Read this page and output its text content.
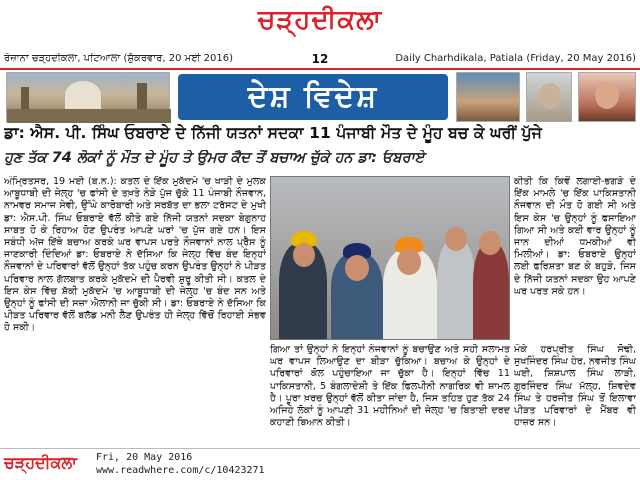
ਚੜ੍ਹਦੀਕਲਾ
ਰੋਜ਼ਾਨਾ ਚੜ੍ਹਦੀਕਲਾ, ਪਟਿਆਲਾ (ਸ਼ੁੱਕਰਵਾਰ, 20 ਮਈ 2016)	12	Daily Charhdikala, Patiala (Friday, 20 May 2016)
ਦੇਸ਼ ਵਿਦੇਸ਼
ਡਾ: ਐਸ. ਪੀ. ਸਿੰਘ ਓਬਰਾਏ ਦੇ ਨਿੱਜੀ ਯਤਨਾਂ ਸਦਕਾ 11 ਪੰਜਾਬੀ ਮੌਤ ਦੇ ਮੂੰਹ ਬਚ ਕੇ ਘਰੀਂ ਪੁੱਜੇ
ਹੁਣ ਤੱਕ 74 ਲੋਕਾਂ ਨੂੰ ਮੌਤ ਦੇ ਮੂੰਹ ਤੇ ਉਮਰ ਕੈਦ ਤੋਂ ਬਚਾਅ ਚੁੱਕੇ ਹਨ ਡਾ: ਓਬਰਾਏ
ਅੰਮ੍ਰਿਤਸਰ, 19 ਮਈ (ਬ.ਨ.): ਕਤਲ ਦੇ ਇੱਕ ਮੁਕੱਦਮੇ 'ਚ ਖਾੜੀ ਦੇ ਮੁਲਕ ਆਬੂਧਾਬੀ ਦੀ ਜੇਲ੍ਹ 'ਚ ਫਾਂਸੀ ਦੇ ਤਖ਼ਤੇ ਨੇੜੇ ਪੁੱਜ ਚੁੱਕੇ 11 ਪੰਜਾਬੀ ਨੌਜਵਾਨ, ਨਾਮਵਰ ਸਮਾਜ ਸੇਵੀ, ਉੱਘੇ ਕਾਰੋਬਾਰੀ ਅਤੇ ਸਰਬੱਤ ਦਾ ਭਲਾ ਟਰੱਸਟ ਦੇ ਮੁਖੀ ਡਾ: ਐਸ.ਪੀ. ਸਿੰਘ ਓਬਰਾਏ ਵੱਲੋਂ ਕੀਤੇ ਗਏ ਨਿੱਜੀ ਯਤਨਾਂ ਸਦਕਾ ਬੇਗੁਨਾਹ ਸਾਬਤ ਹੋ ਕੇ ਰਿਹਾਅ ਹੋਣ ਉਪਰੰਤ ਆਪਣੇ ਘਰਾਂ 'ਚ ਪੁੱਜ ਗਏ ਹਨ। ਇਸ ਸਬੰਧੀ ਅੱਜ ਇੱਥੇ ਬਚਾਅ ਕਰਕੇ ਘਰ ਵਾਪਸ ਪਰਤੇ ਨੌਜਵਾਨਾਂ ਨਾਲ ਪ੍ਰੈੱਸ ਨੂੰ ਜਾਣਕਾਰੀ ਦਿੰਦਿਆਂ ਡਾ: ਓਬਰਾਏ ਨੇ ਦੱਸਿਆ ਕਿ ਜੇਲ੍ਹ ਵਿੱਚ ਬੰਦ ਇਨ੍ਹਾਂ ਨੌਜਵਾਨਾਂ ਦੇ ਪਰਿਵਾਰਾਂ ਵੱਲੋਂ ਉਨ੍ਹਾਂ ਤੱਕ ਪਹੁੰਚ ਕਰਨ ਉਪਰੰਤ ਉਨ੍ਹਾਂ ਨੇ ਪੀੜਤ ਪਰਿਵਾਰ ਨਾਲ ਗੱਲਬਾਤ ਕਰਕੇ ਮੁਕੱਦਮੇ ਦੀ ਪੈਰਵੀ ਸ਼ੁਰੂ ਕੀਤੀ ਸੀ। ਕਤਲ ਦੇ ਇਸ ਕੇਸ ਵਿੱਚ ਸ਼ੱਕੀ ਮੁਕੱਦਮੇ 'ਚ ਆਬੂਧਾਬੀ ਦੀ ਜੇਲ੍ਹ 'ਚ ਬੰਦ ਸਨ ਅਤੇ ਉਨ੍ਹਾਂ ਨੂੰ ਫਾਂਸੀ ਦੀ ਸਜ਼ਾ ਐਲਾਨੀ ਜਾ ਚੁੱਕੀ ਸੀ। ਡਾ: ਓਬਰਾਏ ਨੇ ਦੱਸਿਆ ਕਿ ਪੀੜਤ ਪਰਿਵਾਰ ਵੱਲੋਂ ਬਲੱਡ ਮਨੀ ਲੈਣ ਉਪਰੰਤ ਹੀ ਜੇਲ੍ਹ ਵਿੱਚੋਂ ਰਿਹਾਈ ਸੰਭਵ ਹੋ ਸਕੀ।
ਕੀਤੀ ਕਿ ਕਿਵੇਂ ਲਗਾਈ-ਭਗੜੇ ਦੇ ਇੱਕ ਮਾਮਲੇ 'ਚ ਇੱਕ ਪਾਕਿਸਤਾਨੀ ਨੌਜਵਾਨ ਦੀ ਮੌਤ ਹੋ ਗਈ ਸੀ ਅਤੇ ਇਸ ਕੇਸ 'ਚ ਉਨ੍ਹਾਂ ਨੂੰ ਫਸਾਇਆ ਗਿਆ ਸੀ ਅਤੇ ਕਈ ਵਾਰ ਉਨ੍ਹਾਂ ਨੂੰ ਜਾਨ ਦੀਆਂ ਧਮਕੀਆਂ ਵੀ ਮਿਲੀਆਂ। ਡਾ: ਓਬਰਾਏ ਉਨ੍ਹਾਂ ਲਈ ਫਰਿਸ਼ਤਾ ਬਣ ਕੇ ਬਹੁੜੇ, ਜਿਸ ਦੇ ਨਿੱਜੀ ਯਤਨਾਂ ਸਦਕਾ ਉਹ ਆਪਣੇ ਘਰ ਪਰਤ ਸਕੇ ਹਨ।
ਗਿਆ ਤਾਂ ਉਨ੍ਹਾਂ ਨੇ ਇਨ੍ਹਾਂ ਨੌਜਵਾਨਾਂ ਨੂੰ ਬਚਾਉਣ ਅਤੇ ਸਹੀ ਸਲਾਮਤ ਘਰ ਵਾਪਸ ਲਿਆਉਣ ਦਾ ਬੀੜਾ ਚੁੱਕਿਆ। ਬਚਾਅ ਕੇ ਉਨ੍ਹਾਂ ਦੇ ਪਰਿਵਾਰਾਂ ਕੋਲ ਪਹੁੰਚਾਇਆ ਜਾ ਚੁੱਕਾ ਹੈ। ਇਨ੍ਹਾਂ ਵਿੱਚ 11 ਪਾਕਿਸਤਾਨੀ, 5 ਬੰਗਲਾਦੇਸ਼ੀ ਤੇ ਇੱਕ ਫਿਲਪੀਨੀ ਨਾਗਰਿਕ ਵੀ ਸ਼ਾਮਲ ਹੈ। ਪੂਰਾ ਖ਼ਰਚ ਉਨ੍ਹਾਂ ਵੱਲੋਂ ਕੀਤਾ ਜਾਂਦਾ ਹੈ, ਜਿਸ ਤਹਿਤ ਹੁਣ ਤੱਕ 24 ਅਜਿਹੇ ਲੋਕਾਂ ਨੂੰ ਆਪਣੀ 31 ਮਹੀਨਿਆਂ ਦੀ ਜੇਲ੍ਹ 'ਚ ਬਿਤਾਈ ਦਰਦ ਕਹਾਣੀ ਬਿਆਨ ਕੀਤੀ।
ਮੌਕੇ ਹਰਪ੍ਰੀਤ ਸਿੰਘ ਸੋਢੀ, ਸੁਖਜਿੰਦਰ ਸਿੰਘ ਹੇਰ, ਨਵਜੀਤ ਸਿੰਘ ਘਈ, ਸ਼ਿਸ਼ਪਾਲ ਸਿੰਘ ਲਾੜੀ, ਗੁਰਜਿੰਦਰ ਸਿੰਘ ਮੱਲ੍ਹ, ਸ਼ਿਵਦੇਵ ਸਿੰਘ ਤੇ ਹਰਜੀਤ ਸਿੰਘ ਤੋਂ ਇਲਾਵਾ ਪੀੜਤ ਪਰਿਵਾਰਾਂ ਦੇ ਮੈਂਬਰ ਵੀ ਹਾਜ਼ਰ ਸਨ।
ਚੜ੍ਹਦੀਕਲਾ	Fri, 20 May 2016
www.readwhere.com/c/10423271
